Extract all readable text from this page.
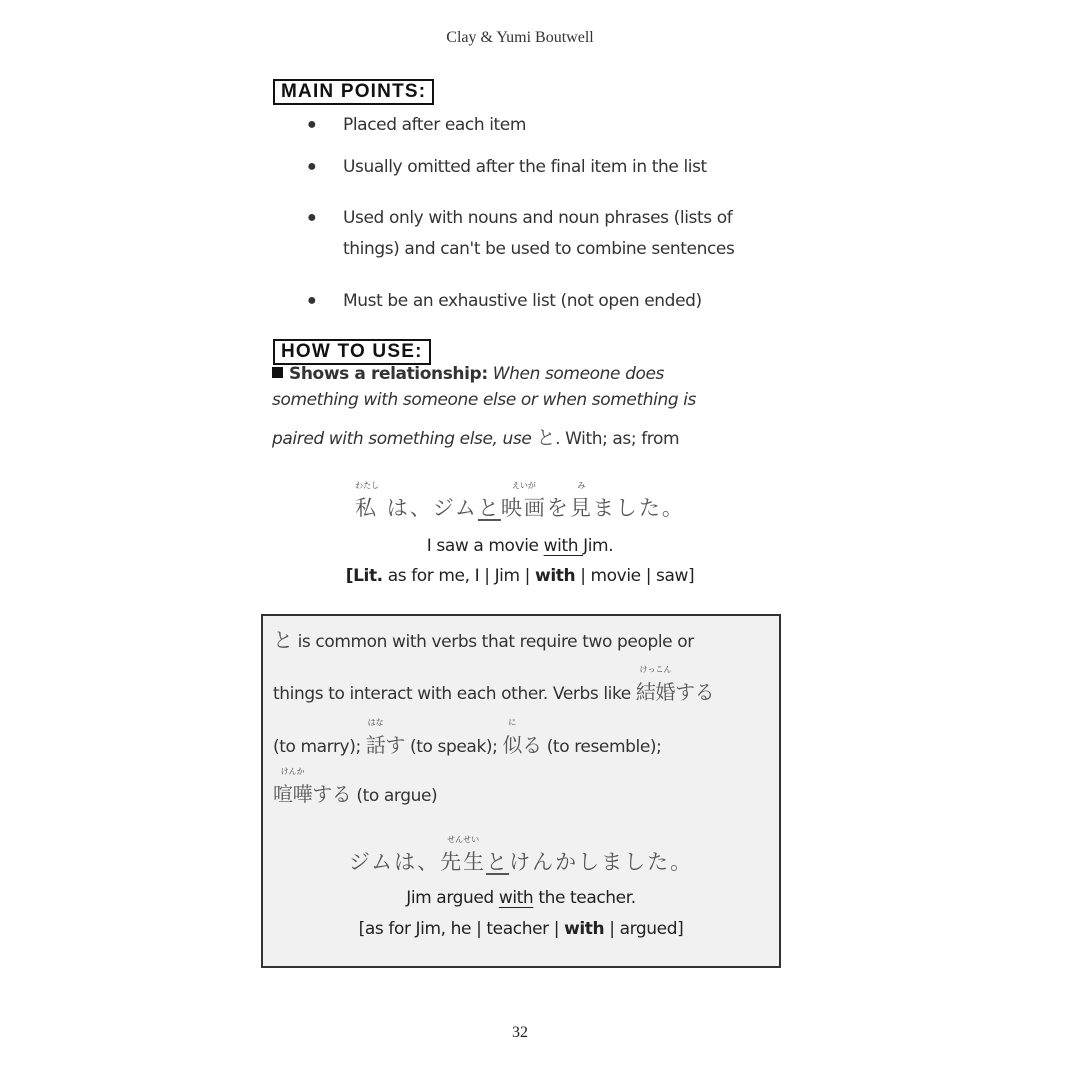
Clay & Yumi Boutwell
MAIN POINTS:
●	Placed after each item
●	Usually omitted after the final item in the list
●	Used only with nouns and noun phrases (lists of
things) and can't be used to combine sentences
●	Must be an exhaustive list (not open ended)
HOW TO USE:
Shows a relationship: When someone does
something with someone else or when something is
paired with something else, use と. With; as; from
わたし
私 は、ジムと
えいが
映画を
み
見ました。
I saw a movie with Jim.
[Lit. as for me, I | Jim | with | movie | saw]
と is common with verbs that require two people or
things to interact with each other. Verbs like
けっこん
結婚する
(to marry);
はな
話す (to speak);
に
似る (to resemble);
けんか
喧嘩する (to argue)
ジムは、
せんせい
先生とけんかしました。
Jim argued with the teacher.
[as for Jim, he | teacher | with | argued]
32
